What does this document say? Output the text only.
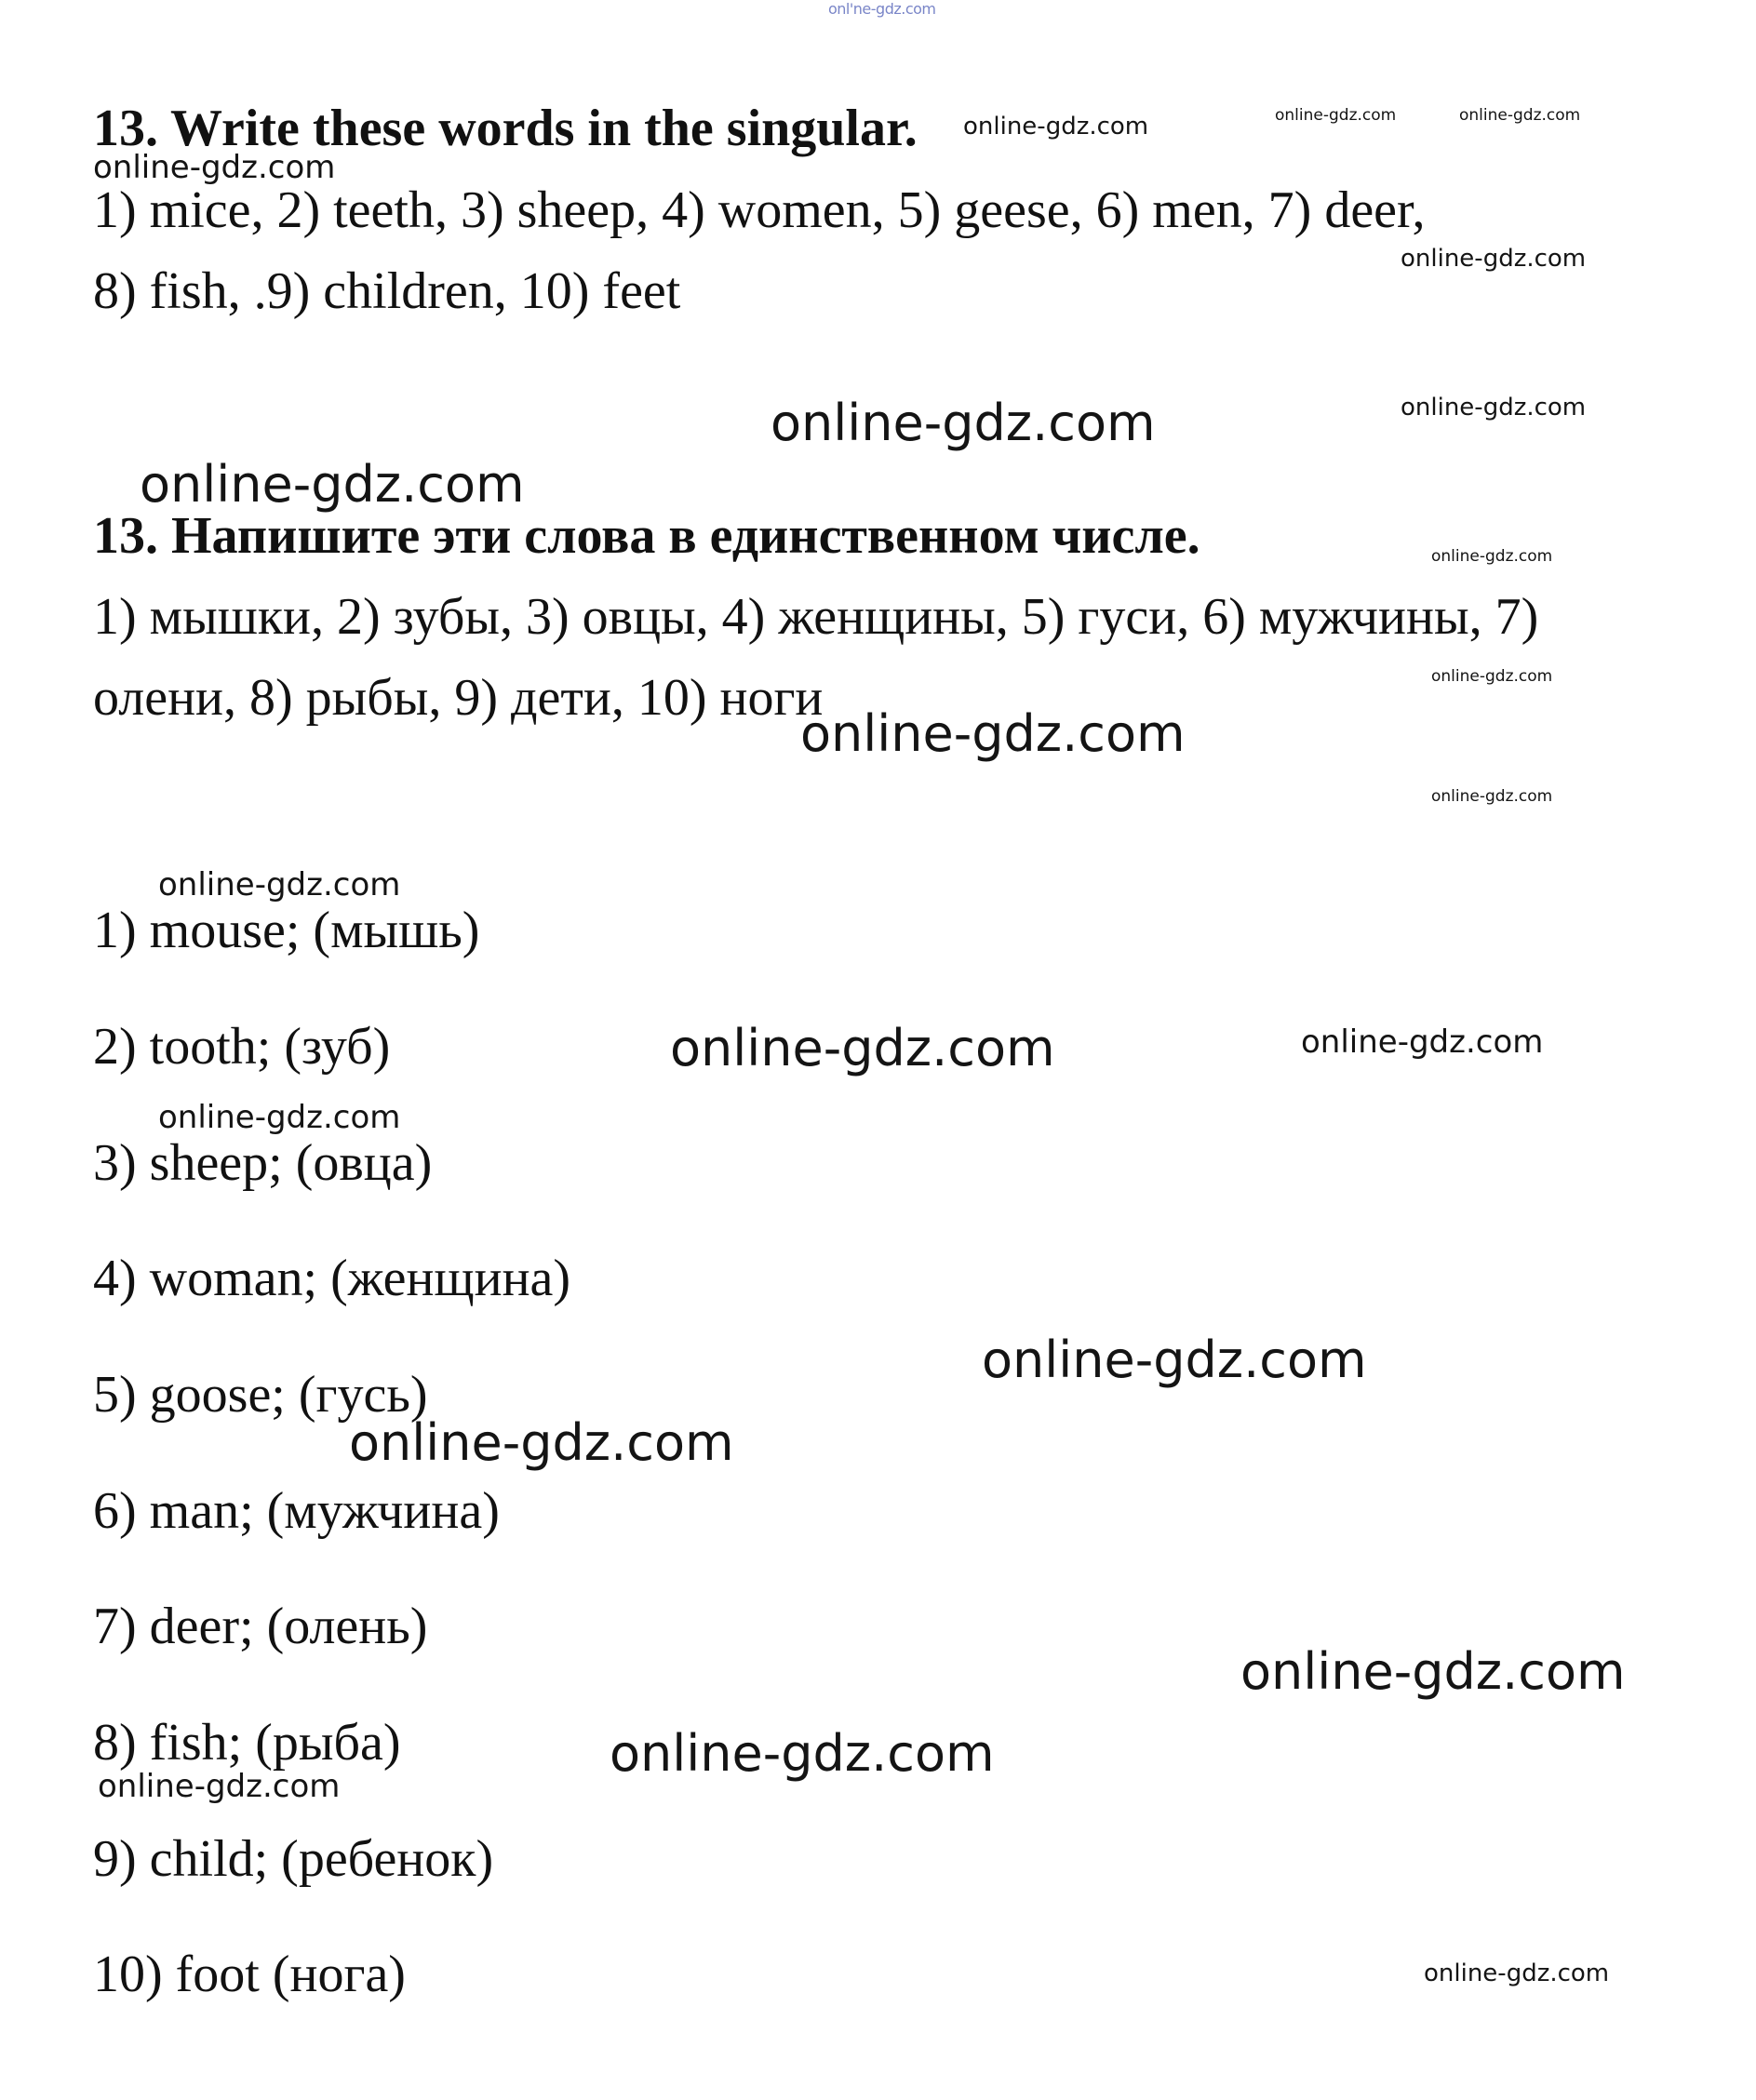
onl'ne-gdz.com
13. Write these words in the singular.
1) mice, 2) teeth, 3) sheep, 4) women, 5) geese, 6) men, 7) deer,
8) fish, .9) children, 10) feet
13. Напишите эти слова в единственном числе.
1) мышки, 2) зубы, 3) овцы, 4) женщины, 5) гуси, 6) мужчины, 7)
олени, 8) рыбы, 9) дети, 10) ноги
1) mouse; (мышь)
2) tooth; (зуб)
3) sheep; (овца)
4) woman; (женщина)
5) goose; (гусь)
6) man; (мужчина)
7) deer; (олень)
8) fish; (рыба)
9) child; (ребенок)
10) foot (нога)
online-gdz.com	online-gdz.com	online-gdz.com
online-gdz.com
online-gdz.com
online-gdz.com
online-gdz.com
online-gdz.com
online-gdz.com
online-gdz.com
online-gdz.com
online-gdz.com
online-gdz.com
online-gdz.com	online-gdz.com
online-gdz.com
online-gdz.com
online-gdz.com
online-gdz.com
online-gdz.com
online-gdz.com
online-gdz.com
